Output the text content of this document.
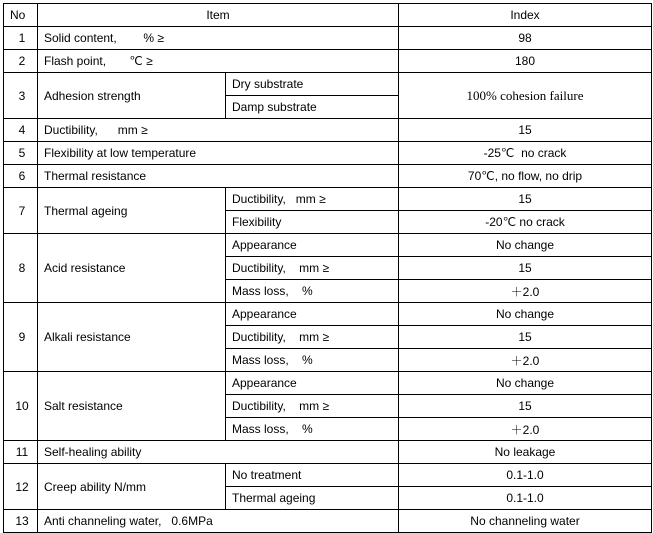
No	Item		Index
1	Solid content,        % ≥		98
2	Flash point,       ℃ ≥		180
3	Adhesion strength	Dry substrate	100% cohesion failure
		Damp substrate	
4	Ductibility,      mm ≥		15
5	Flexibility at low temperature		-25℃  no crack
6	Thermal resistance		70℃, no flow, no drip
7	Thermal ageing	Ductibility,   mm ≥	15
		Flexibility	-20℃ no crack
8	Acid resistance	Appearance	No change
		Ductibility,    mm ≥	15
		Mass loss,    %	＋2.0
9	Alkali resistance	Appearance	No change
		Ductibility,    mm ≥	15
		Mass loss,    %	＋2.0
10	Salt resistance	Appearance	No change
		Ductibility,    mm ≥	15
		Mass loss,    %	＋2.0
11	Self-healing ability		No leakage
12	Creep ability N/mm	No treatment	0.1-1.0
		Thermal ageing	0.1-1.0
13	Anti channeling water,   0.6MPa		No channeling water
